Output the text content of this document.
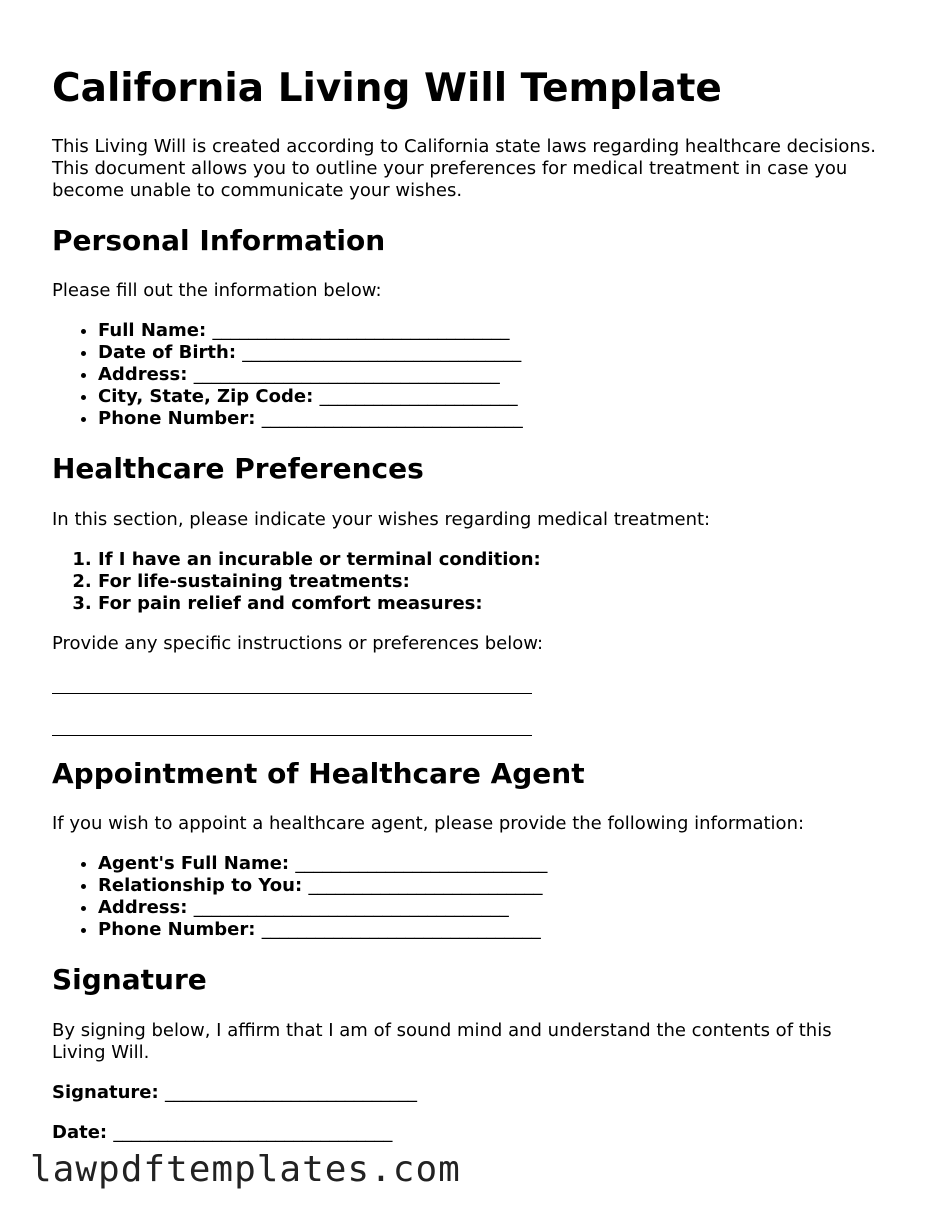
California Living Will Template

This Living Will is created according to California state laws regarding healthcare decisions. This document allows you to outline your preferences for medical treatment in case you become unable to communicate your wishes.

Personal Information

Please fill out the information below:

• Full Name: _________________________________
• Date of Birth: _______________________________
• Address: __________________________________
• City, State, Zip Code: ______________________
• Phone Number: _____________________________
Healthcare Preferences

In this section, please indicate your wishes regarding medical treatment:

1. If I have an incurable or terminal condition:
2. For life-sustaining treatments:
3. For pain relief and comfort measures:

Provide any specific instructions or preferences below:

Appointment of Healthcare Agent

If you wish to appoint a healthcare agent, please provide the following information:

• Agent's Full Name: ____________________________
• Relationship to You: __________________________
• Address: ___________________________________
• Phone Number: _______________________________
Signature

By signing below, I affirm that I am of sound mind and understand the contents of this Living Will.

Signature: ____________________________
Date: _______________________________
lawpdftemplates.com
